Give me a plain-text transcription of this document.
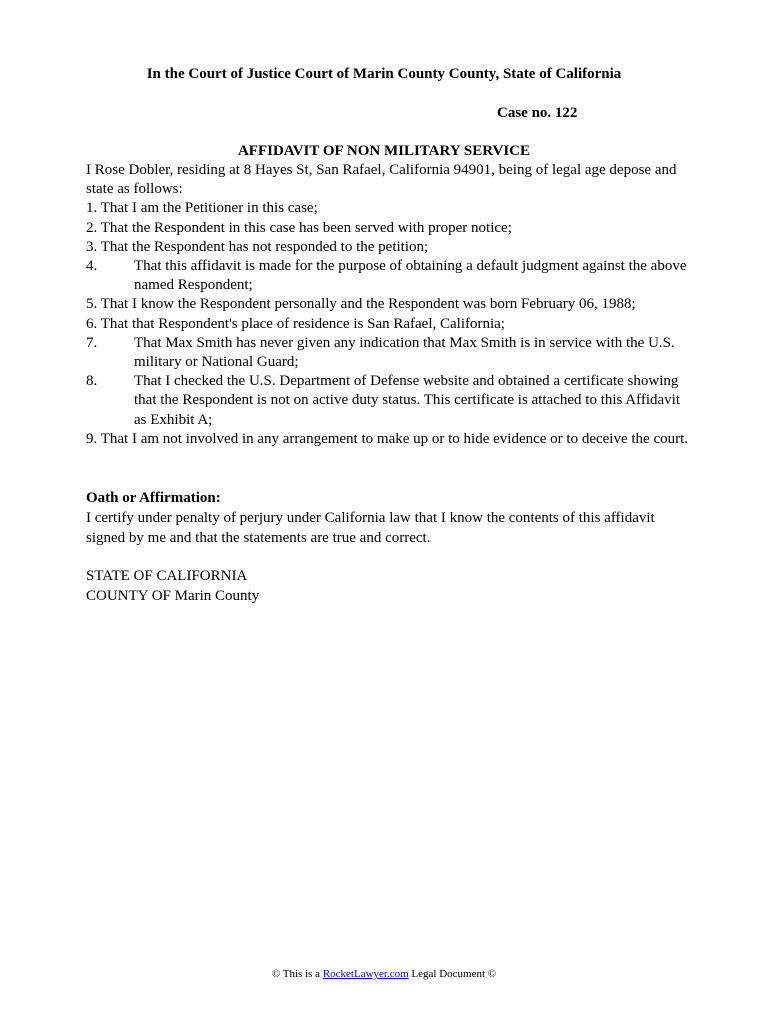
In the Court of Justice Court of Marin County County, State of California
Case no. 122
AFFIDAVIT OF NON MILITARY SERVICE

I Rose Dobler, residing at 8 Hayes St, San Rafael, California 94901, being of legal age depose and state as follows:

1. That I am the Petitioner in this case;

2. That the Respondent in this case has been served with proper notice;

3. That the Respondent has not responded to the petition;

4.	That this affidavit is made for the purpose of obtaining a default judgment against the above named Respondent;

5. That I know the Respondent personally and the Respondent was born February 06, 1988;

6. That that Respondent's place of residence is San Rafael, California;

7.	That Max Smith has never given any indication that Max Smith is in service with the U.S. military or National Guard;
8.	That I checked the U.S. Department of Defense website and obtained a certificate showing that the Respondent is not on active duty status. This certificate is attached to this Affidavit as Exhibit A;

9. That I am not involved in any arrangement to make up or to hide evidence or to deceive the court.

Oath or Affirmation:

I certify under penalty of perjury under California law that I know the contents of this affidavit signed by me and that the statements are true and correct.

STATE OF CALIFORNIA
COUNTY OF Marin County
© This is a RocketLawyer.com Legal Document ©
